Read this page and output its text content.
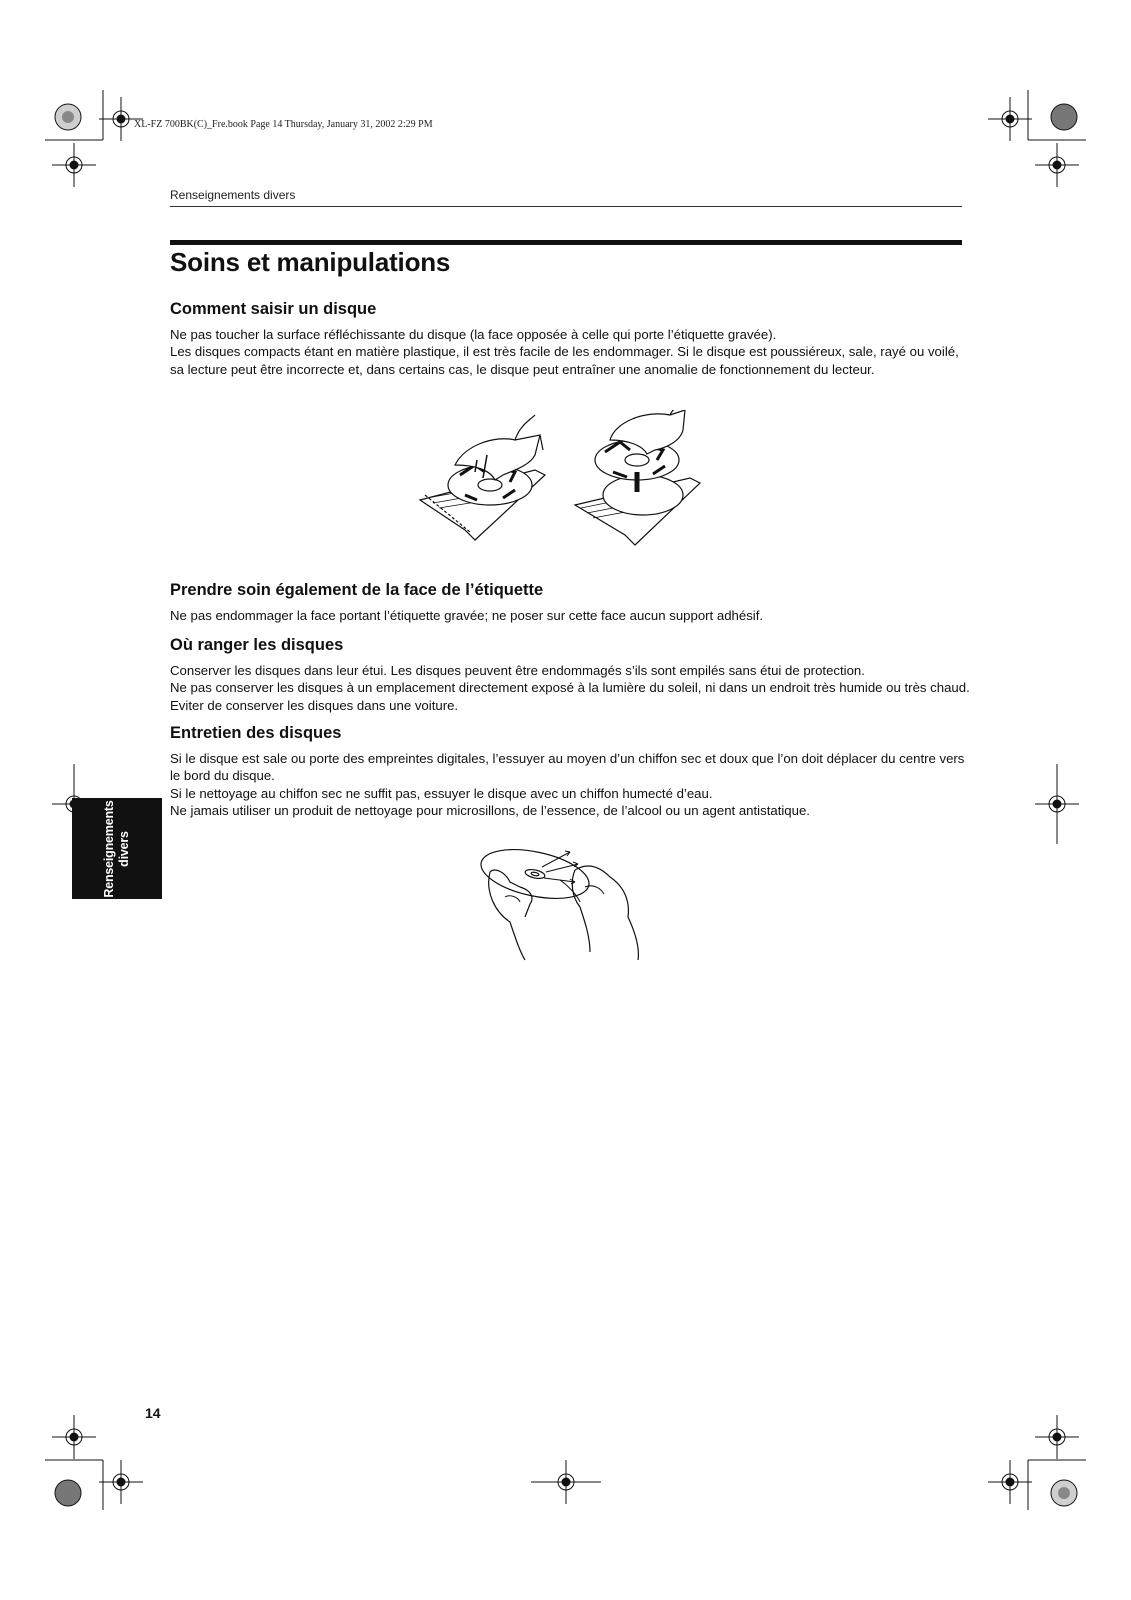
XL-FZ 700BK(C)_Fre.book Page 14 Thursday, January 31, 2002 2:29 PM
Renseignements divers
Soins et manipulations
Comment saisir un disque

Ne pas toucher la surface réfléchissante du disque (la face opposée à celle qui porte l’étiquette gravée).

Les disques compacts étant en matière plastique, il est très facile de les endommager. Si le disque est poussiéreux, sale, rayé ou voilé, sa lecture peut être incorrecte et, dans certains cas, le disque peut entraîner une anomalie de fonctionnement du lecteur.

Prendre soin également de la face de l’étiquette

Ne pas endommager la face portant l’étiquette gravée; ne poser sur cette face aucun support adhésif.

Où ranger les disques

Conserver les disques dans leur étui. Les disques peuvent être endommagés s’ils sont empilés sans étui de protection.

Ne pas conserver les disques à un emplacement directement exposé à la lumière du soleil, ni dans un endroit très humide ou très chaud. Eviter de conserver les disques dans une voiture.

Entretien des disques

Si le disque est sale ou porte des empreintes digitales, l’essuyer au moyen d’un chiffon sec et doux que l’on doit déplacer du centre vers le bord du disque.

Si le nettoyage au chiffon sec ne suffit pas, essuyer le disque avec un chiffon humecté d’eau.

Ne jamais utiliser un produit de nettoyage pour microsillons, de l’essence, de l’alcool ou un agent antistatique.

Renseignements divers
14
